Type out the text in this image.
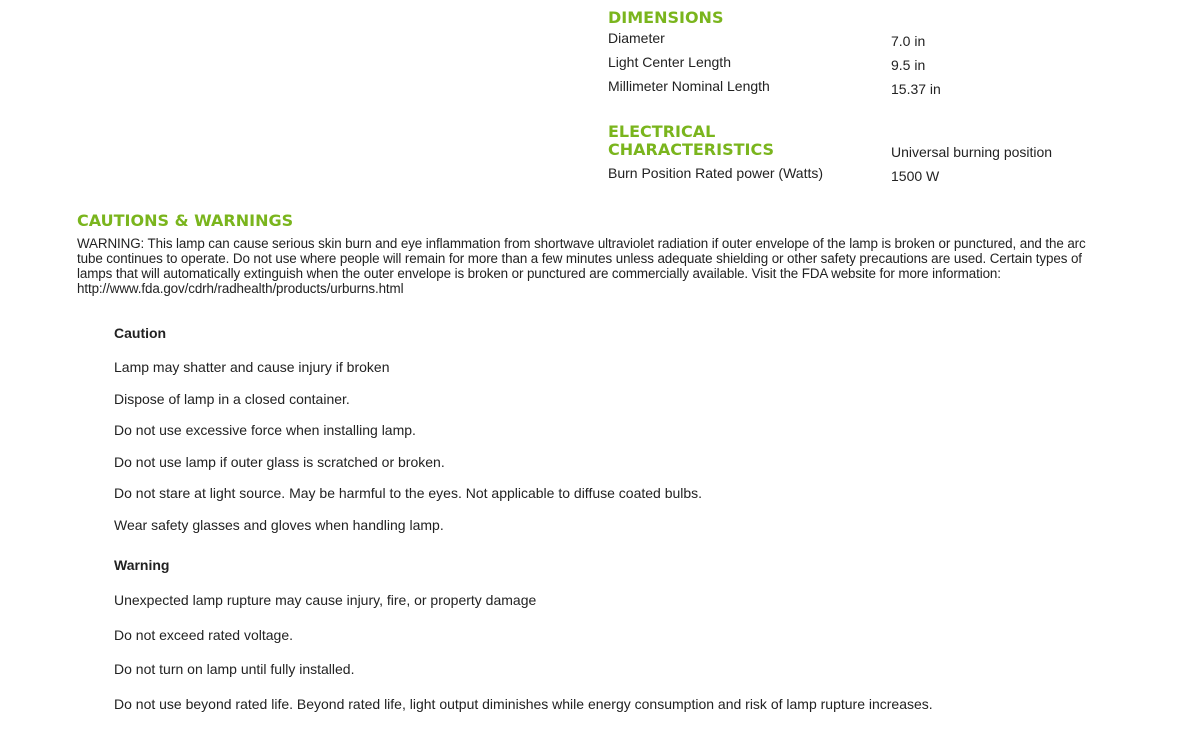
DIMENSIONS
Diameter	7.0 in
Light Center Length	9.5 in
Millimeter Nominal Length	15.37 in
ELECTRICAL
CHARACTERISTICS	Universal burning position
Burn Position Rated power (Watts)	1500 W
CAUTIONS & WARNINGS

WARNING: This lamp can cause serious skin burn and eye inflammation from shortwave ultraviolet radiation if outer envelope of the lamp is broken or punctured, and the arc tube continues to operate. Do not use where people will remain for more than a few minutes unless adequate shielding or other safety precautions are used. Certain types of lamps that will automatically extinguish when the outer envelope is broken or punctured are commercially available. Visit the FDA website for more information: http://www.fda.gov/cdrh/radhealth/products/urburns.html

Caution

Lamp may shatter and cause injury if broken

Dispose of lamp in a closed container.

Do not use excessive force when installing lamp.

Do not use lamp if outer glass is scratched or broken.

Do not stare at light source. May be harmful to the eyes. Not applicable to diffuse coated bulbs.

Wear safety glasses and gloves when handling lamp.

Warning

Unexpected lamp rupture may cause injury, fire, or property damage

Do not exceed rated voltage.

Do not turn on lamp until fully installed.

Do not use beyond rated life. Beyond rated life, light output diminishes while energy consumption and risk of lamp rupture increases.
